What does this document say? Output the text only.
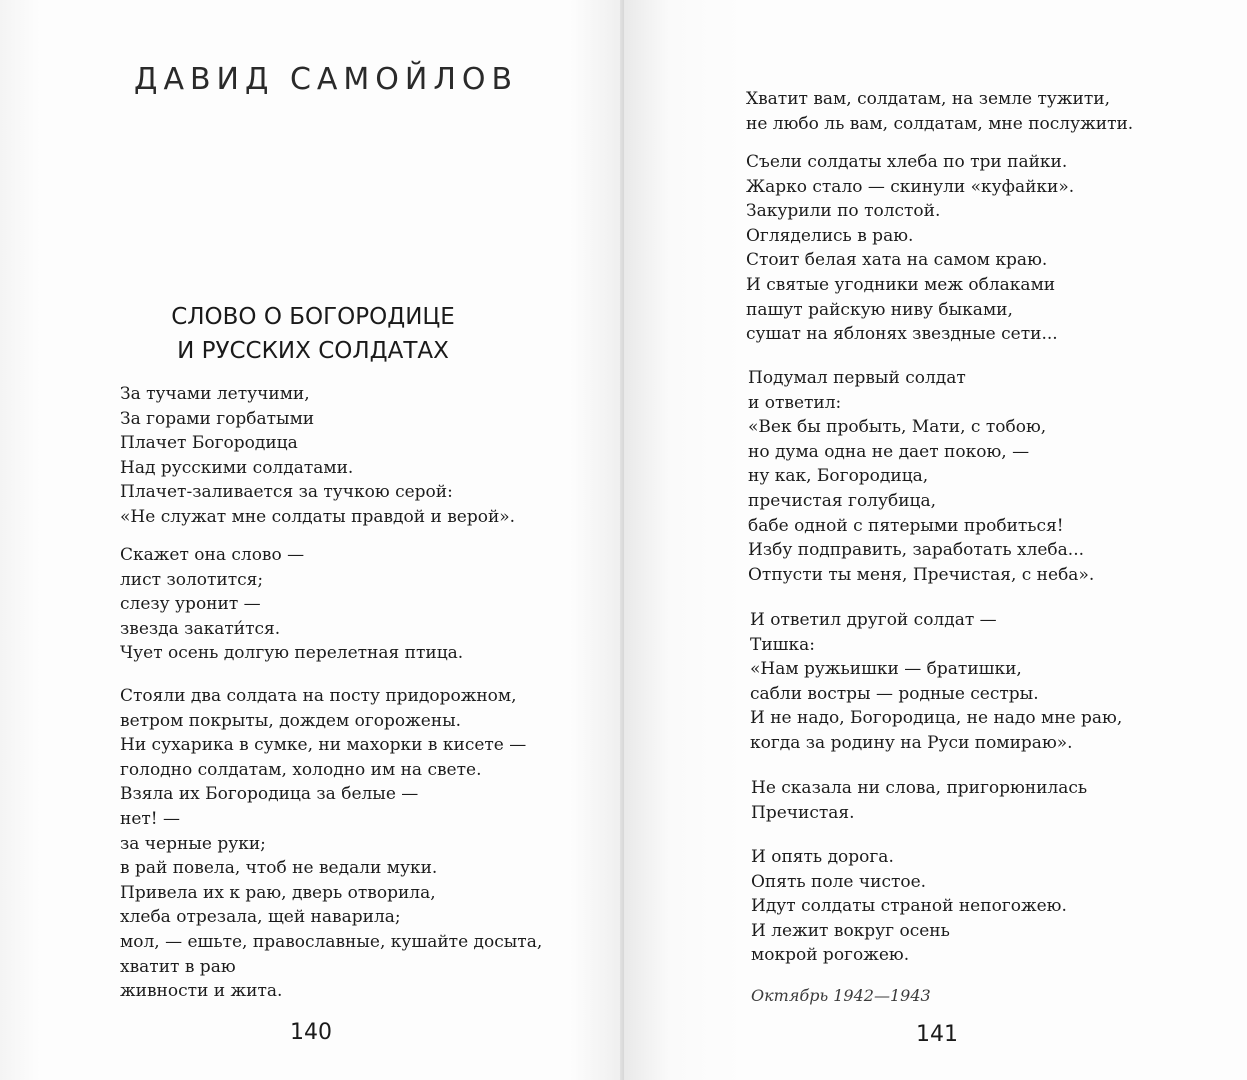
ДАВИД САМОЙЛОВ
СЛОВО О БОГОРОДИЦЕ
И РУССКИХ СОЛДАТАХ
За тучами летучими,
За горами горбатыми
Плачет Богородица
Над русскими солдатами.
Плачет-заливается за тучкою серой:
«Не служат мне солдаты правдой и верой».
Скажет она слово —
лист золотится;
слезу уронит —
звезда закати́тся.
Чует осень долгую перелетная птица.
Стояли два солдата на посту придорожном,
ветром покрыты, дождем огорожены.
Ни сухарика в сумке, ни махорки в кисете —
голодно солдатам, холодно им на свете.
Взяла их Богородица за белые —
нет! —
за черные руки;
в рай повела, чтоб не ведали муки.
Привела их к раю, дверь отворила,
хлеба отрезала, щей наварила;
мол, — ешьте, православные, кушайте досыта,
хватит в раю
живности и жита.
140
Хватит вам, солдатам, на земле тужити,
не любо ль вам, солдатам, мне послужити.
Съели солдаты хлеба по три пайки.
Жарко стало — скинули «куфайки».
Закурили по толстой.
Огляделись в раю.
Стоит белая хата на самом краю.
И святые угодники меж облаками
пашут райскую ниву быками,
сушат на яблонях звездные сети...
Подумал первый солдат
и ответил:
«Век бы пробыть, Мати, с тобою,
но дума одна не дает покою, —
ну как, Богородица,
пречистая голубица,
бабе одной с пятерыми пробиться!
Избу подправить, заработать хлеба...
Отпусти ты меня, Пречистая, с неба».
И ответил другой солдат —
Тишка:
«Нам ружьишки — братишки,
сабли востры — родные сестры.
И не надо, Богородица, не надо мне раю,
когда за родину на Руси помираю».
Не сказала ни слова, пригорюнилась
Пречистая.
И опять дорога.
Опять поле чистое.
Идут солдаты страной непогожею.
И лежит вокруг осень
мокрой рогожею.
Октябрь 1942—1943
141
